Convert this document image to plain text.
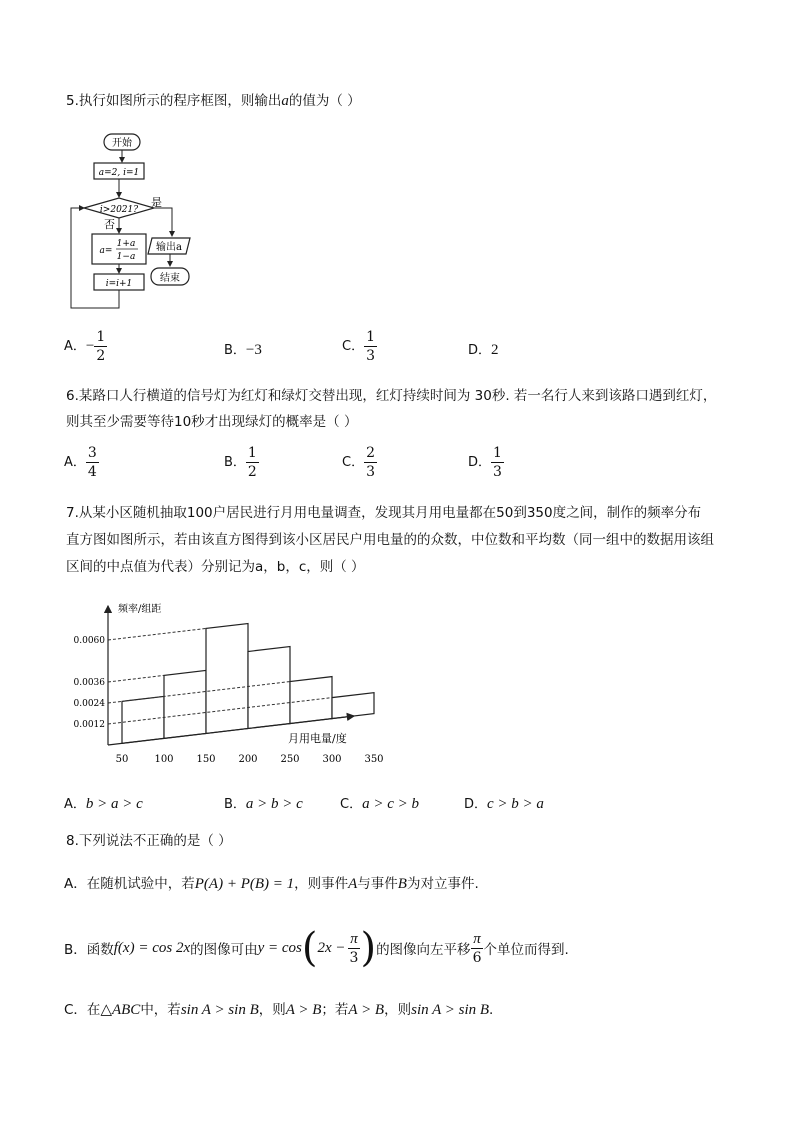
5.执行如图所示的程序框图，则输出a的值为（ ）
开始
a=2, i=1
i>2021?
是
否
输出a
结束
a=
1+a
1−a
i=i+1
A．− $\frac{1}{2}$	B．−3	C． $\frac{1}{3}$	D．2
6.某路口人行横道的信号灯为红灯和绿灯交替出现，红灯持续时间为 30秒. 若一名行人来到该路口遇到红灯，
则其至少需要等待10秒才出现绿灯的概率是（ ）
A． $\frac{3}{4}$	B． $\frac{1}{2}$	C． $\frac{2}{3}$	D． $\frac{1}{3}$
7.从某小区随机抽取100户居民进行月用电量调查，发现其月用电量都在50到350度之间，制作的频率分布
直方图如图所示，若由该直方图得到该小区居民户用电量的的众数，中位数和平均数（同一组中的数据用该组
区间的中点值为代表）分别记为a，b，c，则（ ）
0.0060
0.0036
0.0024
0.0012
50	100 150 200 250 300 350
频率/组距
月用电量/度
A．b > a > c	B．a > b > c	C．a > c > b	D．c > b > a
8.下列说法不正确的是（ ）
A．在随机试验中，若P(A) + P(B) = 1，则事件A与事件B为对立事件.
B．函数 f(x) = cos 2x 的图像可由 y = cos ( $2x - \frac{\pi}{3}$ ) 的图像向左平移 $\frac{\pi}{6}$ 个单位而得到.
C．在△ABC中，若sin A > sin B，则A > B；若A > B，则sin A > sin B.
